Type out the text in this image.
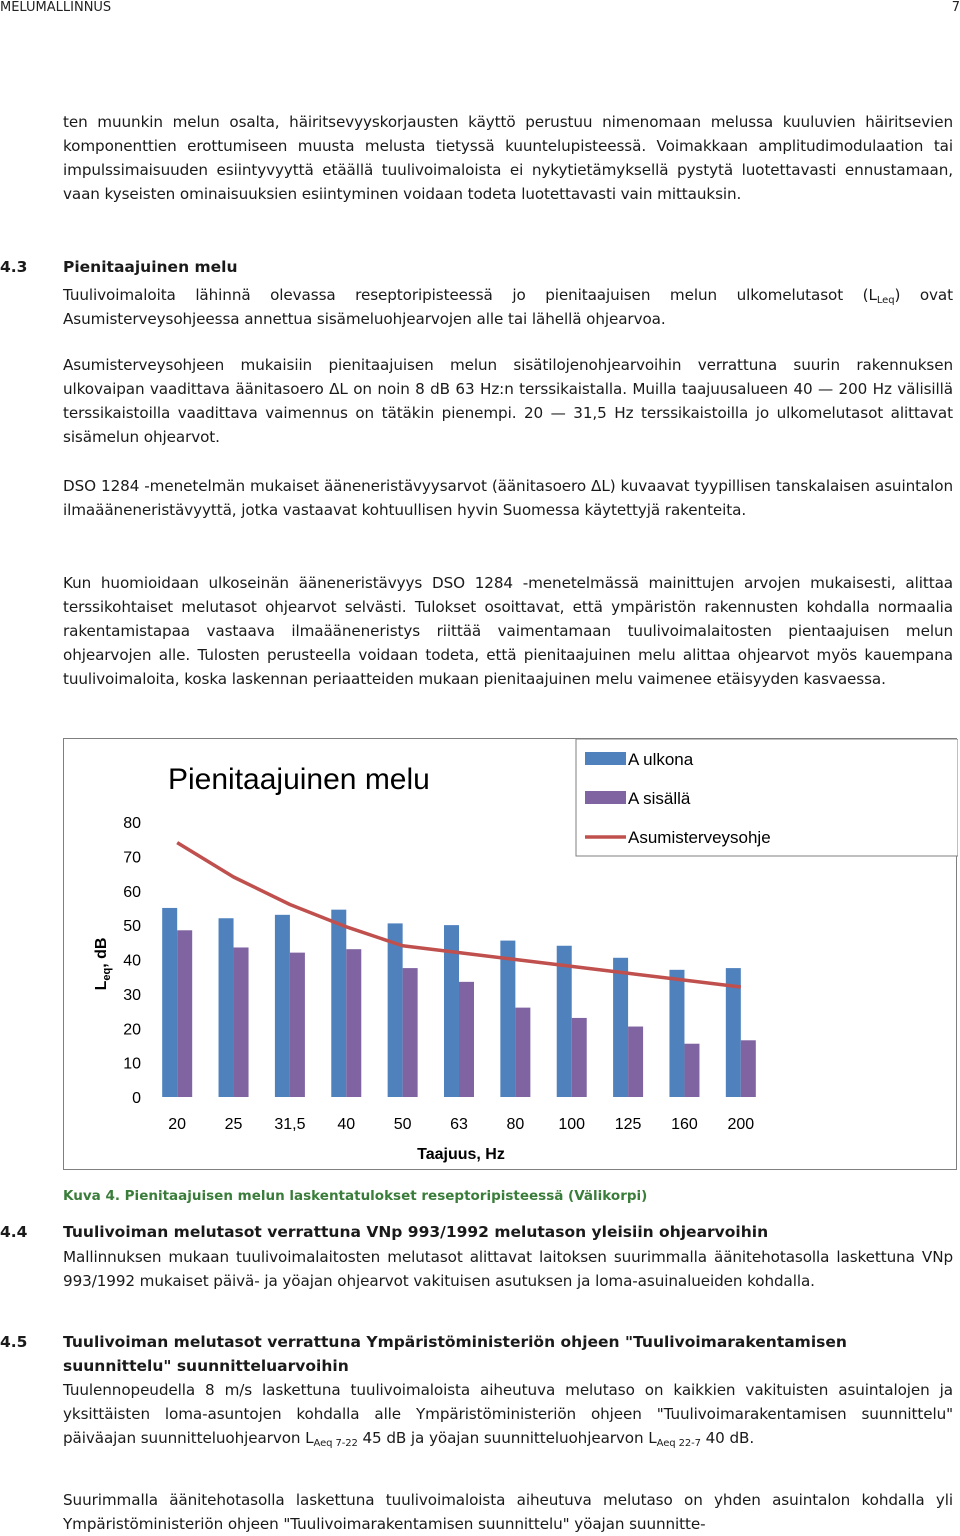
MELUMALLINNUS	7

ten muunkin melun osalta, häiritsevyyskorjausten käyttö perustuu nimenomaan melussa kuuluvien häiritsevien komponenttien erottumiseen muusta melusta tietyssä kuuntelupisteessä. Voimakkaan amplitudimodulaation tai impulssimaisuuden esiintyvyyttä etäällä tuulivoimaloista ei nykytietämyksellä pystytä luotettavasti ennustamaan, vaan kyseisten ominaisuuksien esiintyminen voidaan todeta luotettavasti vain mittauksin.

4.3 Pienitaajuinen melu

Tuulivoimaloita lähinnä olevassa reseptoripisteessä jo pienitaajuisen melun ulkomelutasot $(L_{Leq})$ ovat Asumisterveysohjeessa annettua sisämeluohjearvojen alle tai lähellä ohjearvoa.

Asumisterveysohjeen mukaisiin pienitaajuisen melun sisätilojenohjearvoihin verrattuna suurin rakennuksen ulkovaipan vaadittava äänitasoero ΔL on noin 8 dB 63 Hz:n terssikaistalla. Muilla taajuusalueen 40 — 200 Hz välisillä terssikaistoilla vaadittava vaimennus on tätäkin pienempi. 20 — 31,5 Hz terssikaistoilla jo ulkomelutasot alittavat sisämelun ohjearvot.

DSO 1284 -menetelmän mukaiset ääneneristävyysarvot (äänitasoero ΔL) kuvaavat tyypillisen tanskalaisen asuintalon ilmaääneneristävyyttä, jotka vastaavat kohtuullisen hyvin Suomessa käytettyjä rakenteita.

Kun huomioidaan ulkoseinän ääneneristävyys DSO 1284 -menetelmässä mainittujen arvojen mukaisesti, alittaa terssikohtaiset melutasot ohjearvot selvästi. Tulokset osoittavat, että ympäristön rakennusten kohdalla normaalia rakentamistapaa vastaava ilmaääneneristys riittää vaimentamaan tuulivoimalaitosten pientaajuisen melun ohjearvojen alle. Tulosten perusteella voidaan todeta, että pienitaajuinen melu alittaa ohjearvot myös kauempana tuulivoimaloita, koska laskennan periaatteiden mukaan pienitaajuinen melu vaimenee etäisyyden kasvaessa.

Pienitaajuinen melu
0
10
20
30
40
50
60
70
80
$L_{eq}$, dB
20 25 31,5 40 50 63 80 100 125 160 200
Taajuus, Hz
A ulkona
A sisällä
Asumisterveysohje

Kuva 4. Pienitaajuisen melun laskentatulokset reseptoripisteessä (Välikorpi)

4.4 Tuulivoiman melutasot verrattuna VNp 993/1992 melutason yleisiin ohjearvoihin

Mallinnuksen mukaan tuulivoimalaitosten melutasot alittavat laitoksen suurimmalla äänitehotasolla laskettuna VNp 993/1992 mukaiset päivä- ja yöajan ohjearvot vakituisen asutuksen ja loma-asuinalueiden kohdalla.

4.5	Tuulivoiman melutasot verrattuna Ympäristöministeriön ohjeen "Tuulivoimarakentamisen suunnittelu" suunnitteluarvoihin

Tuulennopeudella 8 m/s laskettuna tuulivoimaloista aiheutuva melutaso on kaikkien vakituisten asuintalojen ja yksittäisten loma-asuntojen kohdalla alle Ympäristöministeriön ohjeen "Tuulivoimarakentamisen suunnittelu" päiväajan suunnitteluohjearvon $L_{Aeq 7-22}$ 45 dB ja yöajan suunnitteluohjearvon $L_{Aeq 22-7}$ 40 dB.

Suurimmalla äänitehotasolla laskettuna tuulivoimaloista aiheutuva melutaso on yhden asuintalon kohdalla yli Ympäristöministeriön ohjeen "Tuulivoimarakentamisen suunnittelu" yöajan suunnitte-
